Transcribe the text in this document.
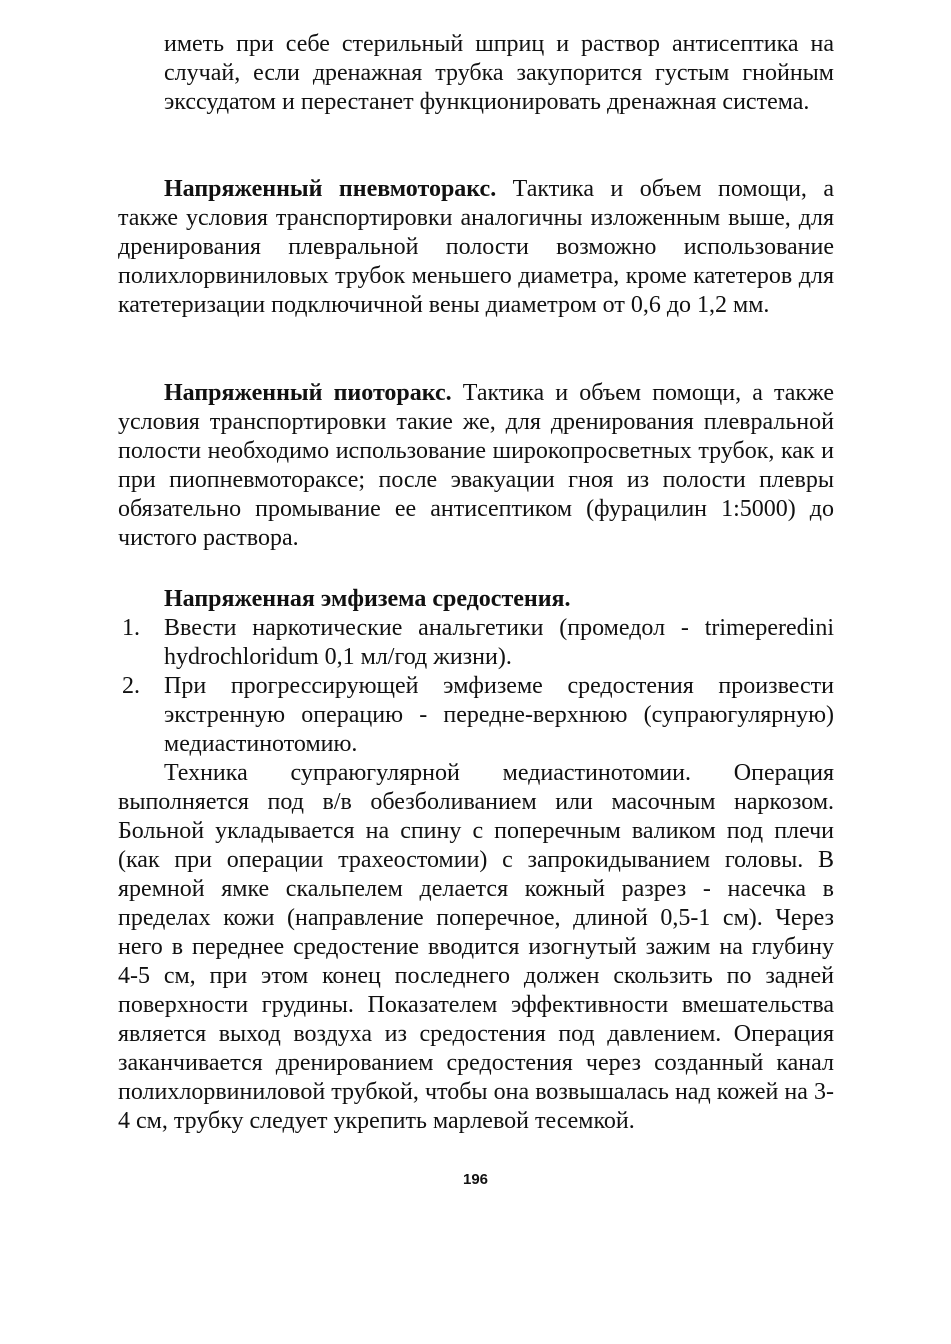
иметь при себе стерильный шприц и раствор антисептика на случай, если дренажная трубка закупорится густым гнойным экссудатом и перестанет функционировать дренажная система.

Напряженный пневмоторакс. Тактика и объем помощи, а также условия транспортировки аналогичны изложенным выше, для дренирования плевральной полости возможно использование полихлорвиниловых трубок меньшего диаметра, кроме катетеров для катетеризации подключичной вены диаметром от 0,6 до 1,2 мм.

Напряженный пиоторакс. Тактика и объем помощи, а также условия транспортировки такие же, для дренирования плевральной полости необходимо использование широкопросветных трубок, как и при пиопневмотораксе; после эвакуации гноя из полости плевры обязательно промывание ее антисептиком (фурацилин 1:5000) до чистого раствора.

Напряженная эмфизема средостения.

1.	Ввести наркотические анальгетики (промедол - trimeperedini hydrochloridum 0,1 мл/год жизни).

2.	При прогрессирующей эмфиземе средостения произвести экстренную операцию - передне-верхнюю (супраюгулярную) медиастинотомию.

Техника супраюгулярной медиастинотомии. Операция выполняется под в/в обезболиванием или масочным наркозом. Больной укладывается на спину с поперечным валиком под плечи (как при операции трахеостомии) с запрокидыванием головы. В яремной ямке скальпелем делается кожный разрез - насечка в пределах кожи (направление поперечное, длиной 0,5-1 см). Через него в переднее средостение вводится изогнутый зажим на глубину 4-5 см, при этом конец последнего должен скользить по задней поверхности грудины. Показателем эффективности вмешательства является выход воздуха из средостения под давлением. Операция заканчивается дренированием средостения через созданный канал полихлорвиниловой трубкой, чтобы она возвышалась над кожей на 3-4 см, трубку следует укрепить марлевой тесемкой.

196
